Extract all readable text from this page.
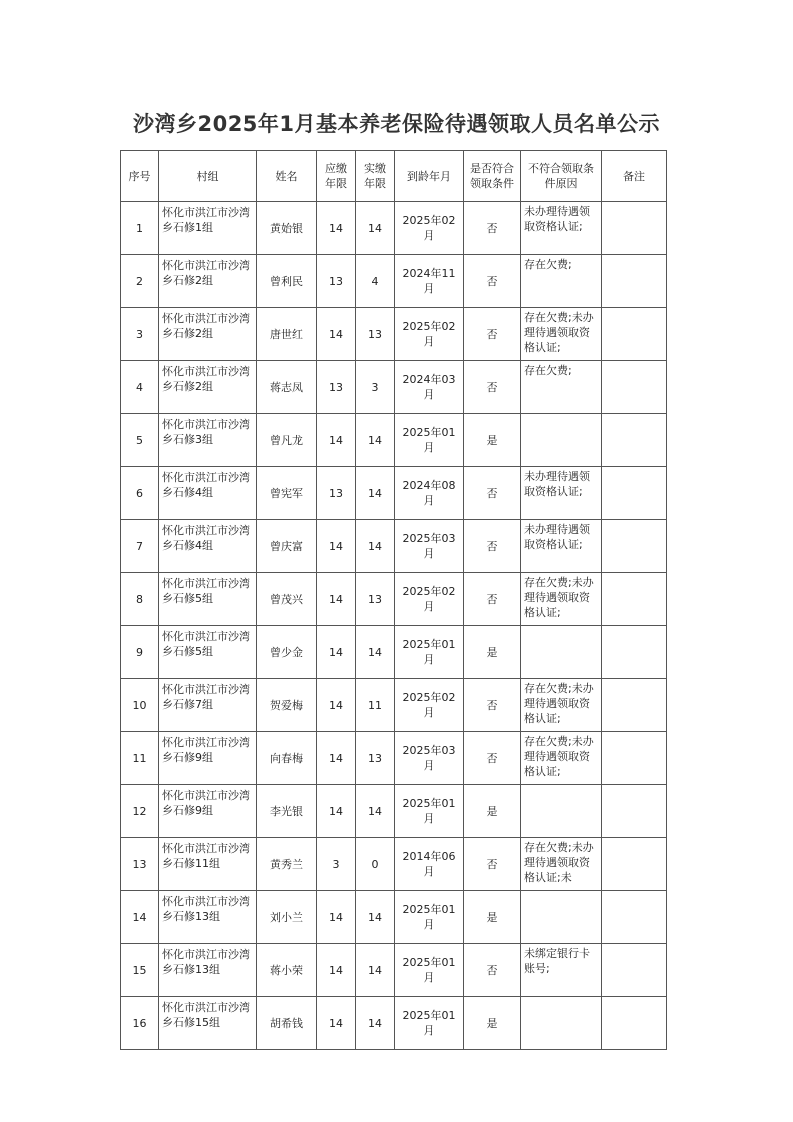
沙湾乡2025年1月基本养老保险待遇领取人员名单公示
序号	村组	姓名	应缴年限	实缴年限	到龄年月	是否符合领取条件	不符合领取条件原因	备注
1	怀化市洪江市沙湾乡石修1组	黄始银	14	14	2025年02月	否	未办理待遇领取资格认证;	

2	怀化市洪江市沙湾乡石修2组	曾利民	13	4	2024年11月	否	存在欠费;	

3	怀化市洪江市沙湾乡石修2组	唐世红	14	13	2025年02月	否	存在欠费;未办理待遇领取资格认证;	

4	怀化市洪江市沙湾乡石修2组	蒋志凤	13	3	2024年03月	否	存在欠费;	

5	怀化市洪江市沙湾乡石修3组	曾凡龙	14	14	2025年01月	是	

6	怀化市洪江市沙湾乡石修4组	曾宪军	13	14	2024年08月	否	未办理待遇领取资格认证;	

7	怀化市洪江市沙湾乡石修4组	曾庆富	14	14	2025年03月	否	未办理待遇领取资格认证;	

8	怀化市洪江市沙湾乡石修5组	曾茂兴	14	13	2025年02月	否	存在欠费;未办理待遇领取资格认证;	

9	怀化市洪江市沙湾乡石修5组	曾少金	14	14	2025年01月	是	

10	怀化市洪江市沙湾乡石修7组	贺爱梅	14	11	2025年02月	否	存在欠费;未办理待遇领取资格认证;	

11	怀化市洪江市沙湾乡石修9组	向春梅	14	13	2025年03月	否	存在欠费;未办理待遇领取资格认证;	

12	怀化市洪江市沙湾乡石修9组	李光银	14	14	2025年01月	是	

13	怀化市洪江市沙湾乡石修11组	黄秀兰	3	0	2014年06月	否	存在欠费;未办理待遇领取资格认证;未	

14	怀化市洪江市沙湾乡石修13组	刘小兰	14	14	2025年01月	是	

15	怀化市洪江市沙湾乡石修13组	蒋小荣	14	14	2025年01月	否	未绑定银行卡账号;	

16	怀化市洪江市沙湾乡石修15组	胡希钱	14	14	2025年01月	是	
